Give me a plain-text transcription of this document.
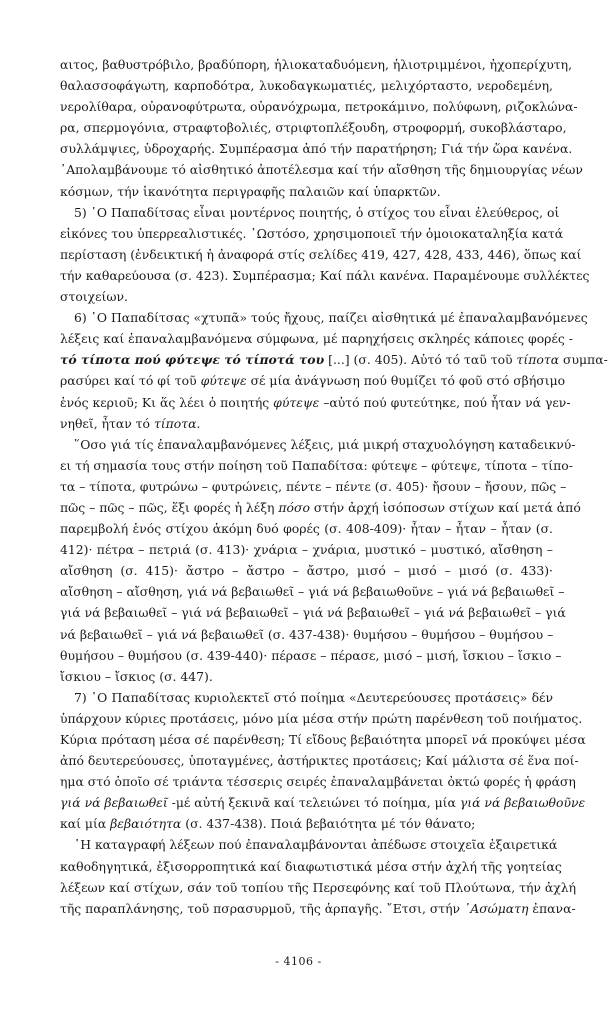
αιτος, βαθυστρόβιλο, βραδύπορη, ἡλιοκαταδυόμενη, ἡλιοτριμμένοι, ἠχοπερίχυτη,
θαλασσοφάγωτη, καρποδότρα, λυκοδαγκωματιές, μελιχόρταστο, νεροδεμένη,
νερολίθαρα, οὐρανοφύτρωτα, οὐρανόχρωμα, πετροκάμινο, πολύφωνη, ριζοκλώνα-
ρα, σπερμογόνια, στραφτοβολιές, στριφτοπλέξουδη, στροφορμή, συκοβλάσταρο,
συλλάμψιες, ὑδροχαρής. Συμπέρασμα ἀπό τήν παρατήρηση; Γιά τήν ὥρα κανένα.
᾿Απολαμβάνουμε τό αἰσθητικό ἀποτέλεσμα καί τήν αἴσθηση τῆς δημιουργίας νέων
κόσμων, τήν ἱκανότητα περιγραφῆς παλαιῶν καί ὑπαρκτῶν.
5) ῾Ο Παπαδίτσας εἶναι μοντέρνος ποιητής, ὁ στίχος του εἶναι ἐλεύθερος, οἱ
εἰκόνες του ὑπερρεαλιστικές. ῾Ωστόσο, χρησιμοποιεῖ τήν ὁμοιοκαταληξία κατά
περίσταση (ἐνδεικτική ἡ ἀναφορά στίς σελίδες 419, 427, 428, 433, 446), ὅπως καί
τήν καθαρεύουσα (σ. 423). Συμπέρασμα; Καί πάλι κανένα. Παραμένουμε συλλέκτες
στοιχείων.
6) ῾Ο Παπαδίτσας «χτυπᾶ» τούς ἤχους, παίζει αἰσθητικά μέ ἐπαναλαμβανόμενες
λέξεις καί ἐπαναλαμβανόμενα σύμφωνα, μέ παρηχήσεις σκληρές κάποιες φορές -
τό τίποτα πού φύτεψε τό τίποτά του [...] (σ. 405). Αὐτό τό ταῦ τοῦ τίποτα συμπα-
ρασύρει καί τό φί τοῦ φύτεψε σέ μία ἀνάγνωση πού θυμίζει τό φοῦ στό σβήσιμο
ἑνός κεριοῦ; Κι ἅς λέει ὁ ποιητής φύτεψε –αὐτό πού φυτεύτηκε, πού ἦταν νά γεν-
νηθεῖ, ἦταν τό τίποτα.
῞Οσο γιά τίς ἐπαναλαμβανόμενες λέξεις, μιά μικρή σταχυολόγηση καταδεικνύ-
ει τή σημασία τους στήν ποίηση τοῦ Παπαδίτσα: φύτεψε – φύτεψε, τίποτα – τίπο-
τα – τίποτα, φυτρώνω – φυτρώνεις, πέντε – πέντε (σ. 405)· ἤσουν – ἤσουν, πῶς –
πῶς – πῶς – πῶς, ἕξι φορές ἡ λέξη πόσο στήν ἀρχή ἰσόποσων στίχων καί μετά ἀπό
παρεμβολή ἑνός στίχου ἀκόμη δυό φορές (σ. 408-409)· ἦταν – ἦταν – ἦταν (σ.
412)· πέτρα – πετριά (σ. 413)· χνάρια – χνάρια, μυστικό – μυστικό, αἴσθηση –
αἴσθηση (σ. 415)· ἄστρο – ἄστρο – ἄστρο, μισό – μισό – μισό (σ. 433)·
αἴσθηση – αἴσθηση, γιά νά βεβαιωθεῖ – γιά νά βεβαιωθοῦνε – γιά νά βεβαιωθεῖ –
γιά νά βεβαιωθεῖ – γιά νά βεβαιωθεῖ – γιά νά βεβαιωθεῖ – γιά νά βεβαιωθεῖ – γιά
νά βεβαιωθεῖ – γιά νά βεβαιωθεῖ (σ. 437-438)· θυμήσου – θυμήσου – θυμήσου –
θυμήσου – θυμήσου (σ. 439-440)· πέρασε – πέρασε, μισό – μισή, ἴσκιου – ἴσκιο –
ἴσκιου – ἴσκιος (σ. 447).
7) ῾Ο Παπαδίτσας κυριολεκτεῖ στό ποίημα «Δευτερεύουσες προτάσεις» δέν
ὑπάρχουν κύριες προτάσεις, μόνο μία μέσα στήν πρώτη παρένθεση τοῦ ποιήματος.
Κύρια πρόταση μέσα σέ παρένθεση; Τί εἴδους βεβαιότητα μπορεῖ νά προκύψει μέσα
ἀπό δευτερεύουσες, ὑποταγμένες, ἀστήρικτες προτάσεις; Καί μάλιστα σέ ἕνα ποί-
ημα στό ὁποῖο σέ τριάντα τέσσερις σειρές ἐπαναλαμβάνεται ὀκτώ φορές ἡ φράση
γιά νά βεβαιωθεῖ -μέ αὐτή ξεκινᾶ καί τελειώνει τό ποίημα, μία γιά νά βεβαιωθοῦνε
καί μία βεβαιότητα (σ. 437-438). Ποιά βεβαιότητα μέ τόν θάνατο;
῾Η καταγραφή λέξεων πού ἐπαναλαμβάνονται ἀπέδωσε στοιχεῖα ἐξαιρετικά
καθοδηγητικά, ἐξισορροπητικά καί διαφωτιστικά μέσα στήν ἀχλή τῆς γοητείας
λέξεων καί στίχων, σάν τοῦ τοπίου τῆς Περσεφόνης καί τοῦ Πλούτωνα, τήν ἀχλή
τῆς παραπλάνησης, τοῦ πσρασυρμοῦ, τῆς ἁρπαγῆς. ῎Ετσι, στήν ᾿Ασώματη ἐπανα-
- 4106 -
